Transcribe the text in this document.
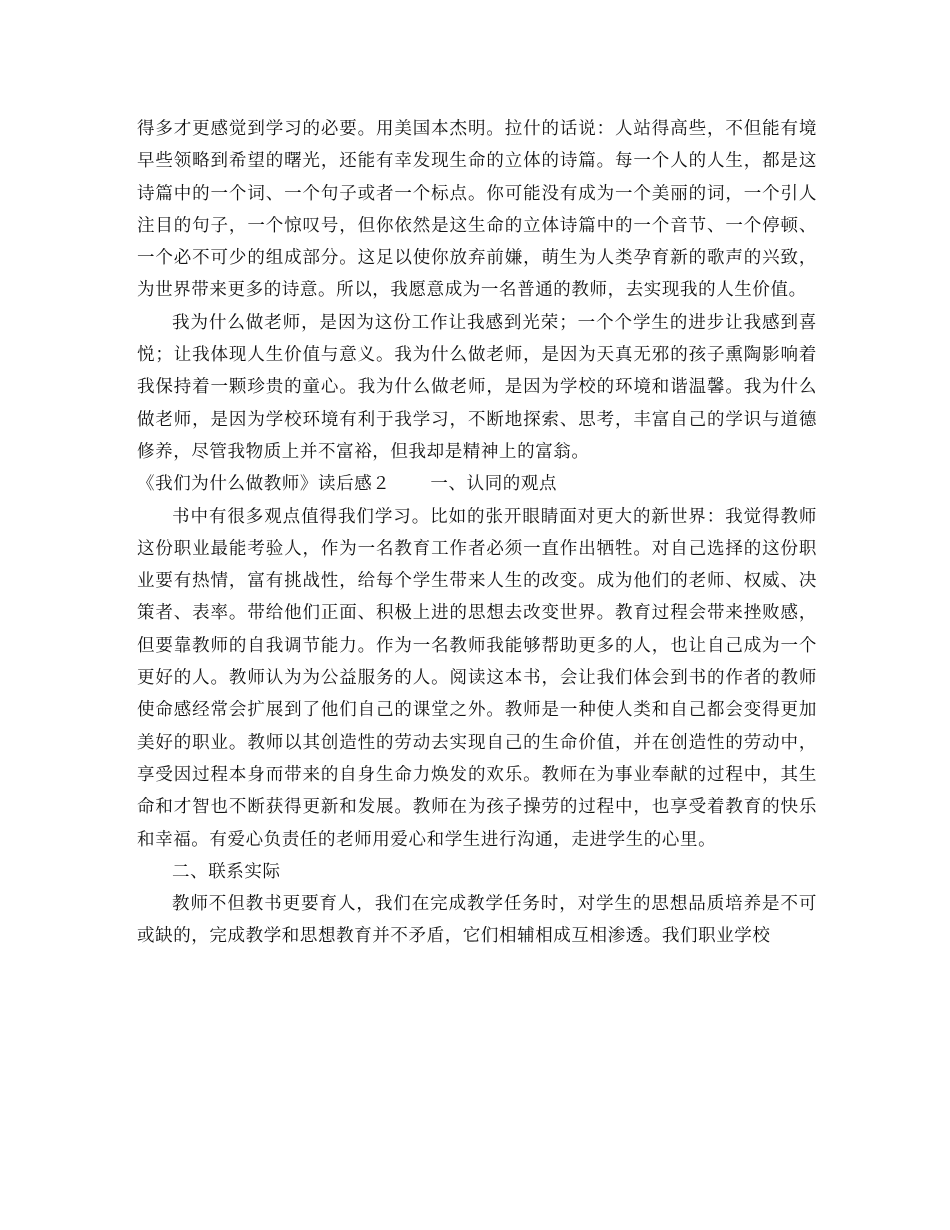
得多才更感觉到学习的必要。用美国本杰明。拉什的话说：人站得高些，不但能有境早些领略到希望的曙光，还能有幸发现生命的立体的诗篇。每一个人的人生，都是这诗篇中的一个词、一个句子或者一个标点。你可能没有成为一个美丽的词，一个引人注目的句子，一个惊叹号，但你依然是这生命的立体诗篇中的一个音节、一个停顿、一个必不可少的组成部分。这足以使你放弃前嫌，萌生为人类孕育新的歌声的兴致，为世界带来更多的诗意。所以，我愿意成为一名普通的教师，去实现我的人生价值。

我为什么做老师，是因为这份工作让我感到光荣；一个个学生的进步让我感到喜悦；让我体现人生价值与意义。我为什么做老师，是因为天真无邪的孩子熏陶影响着我保持着一颗珍贵的童心。我为什么做老师，是因为学校的环境和谐温馨。我为什么做老师，是因为学校环境有利于我学习，不断地探索、思考，丰富自己的学识与道德修养，尽管我物质上并不富裕，但我却是精神上的富翁。

《我们为什么做教师》读后感２ 一、认同的观点

书中有很多观点值得我们学习。比如的张开眼睛面对更大的新世界：我觉得教师这份职业最能考验人，作为一名教育工作者必须一直作出牺牲。对自己选择的这份职业要有热情，富有挑战性，给每个学生带来人生的改变。成为他们的老师、权威、决策者、表率。带给他们正面、积极上进的思想去改变世界。教育过程会带来挫败感，但要靠教师的自我调节能力。作为一名教师我能够帮助更多的人，也让自己成为一个更好的人。教师认为为公益服务的人。阅读这本书，会让我们体会到书的作者的教师使命感经常会扩展到了他们自己的课堂之外。教师是一种使人类和自己都会变得更加美好的职业。教师以其创造性的劳动去实现自己的生命价值，并在创造性的劳动中，享受因过程本身而带来的自身生命力焕发的欢乐。教师在为事业奉献的过程中，其生命和才智也不断获得更新和发展。教师在为孩子操劳的过程中，也享受着教育的快乐和幸福。有爱心负责任的老师用爱心和学生进行沟通，走进学生的心里。

二、联系实际

教师不但教书更要育人，我们在完成教学任务时，对学生的思想品质培养是不可或缺的，完成教学和思想教育并不矛盾，它们相辅相成互相渗透。我们职业学校
